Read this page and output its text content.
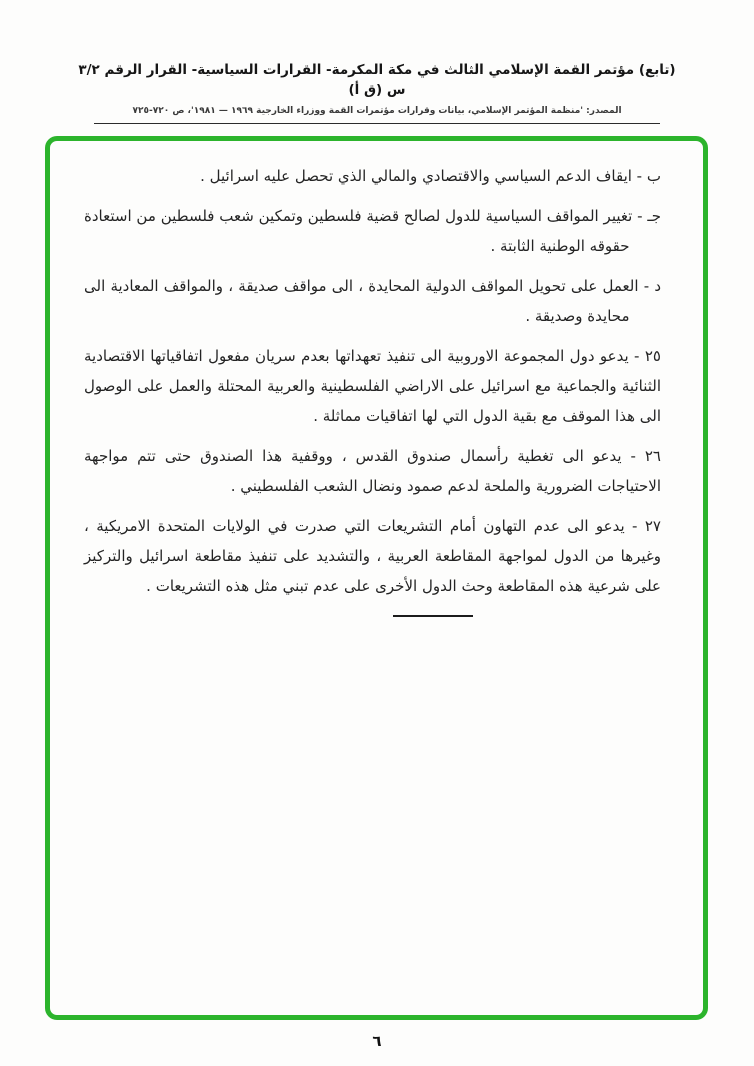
(تابع) مؤتمر القمة الإسلامي الثالث في مكة المكرمة- القرارات السياسية- القرار الرقم ٣/٢ س (ق أ)
المصدر: 'منظمة المؤتمر الإسلامي، بيانات وقرارات مؤتمرات القمة ووزراء الخارجية ١٩٦٩ — ١٩٨١'، ص ٧٢٠-٧٢٥

ب - ايقاف الدعم السياسي والاقتصادي والمالي الذي تحصل عليه اسرائيل .

جـ - تغيير المواقف السياسية للدول لصالح قضية فلسطين وتمكين شعب فلسطين من استعادة حقوقه الوطنية الثابتة .

د - العمل على تحويل المواقف الدولية المحايدة ، الى مواقف صديقة ، والمواقف المعادية الى محايدة وصديقة .

٢٥ - يدعو دول المجموعة الاوروبية الى تنفيذ تعهداتها بعدم سريان مفعول اتفاقياتها الاقتصادية الثنائية والجماعية مع اسرائيل على الاراضي الفلسطينية والعربية المحتلة والعمل على الوصول الى هذا الموقف مع بقية الدول التي لها اتفاقيات مماثلة .

٢٦ - يدعو الى تغطية رأسمال صندوق القدس ، ووقفية هذا الصندوق حتى تتم مواجهة الاحتياجات الضرورية والملحة لدعم صمود ونضال الشعب الفلسطيني .

٢٧ - يدعو الى عدم التهاون أمام التشريعات التي صدرت في الولايات المتحدة الامريكية ، وغيرها من الدول لمواجهة المقاطعة العربية ، والتشديد على تنفيذ مقاطعة اسرائيل والتركيز على شرعية هذه المقاطعة وحث الدول الأخرى على عدم تبني مثل هذه التشريعات .

٦
